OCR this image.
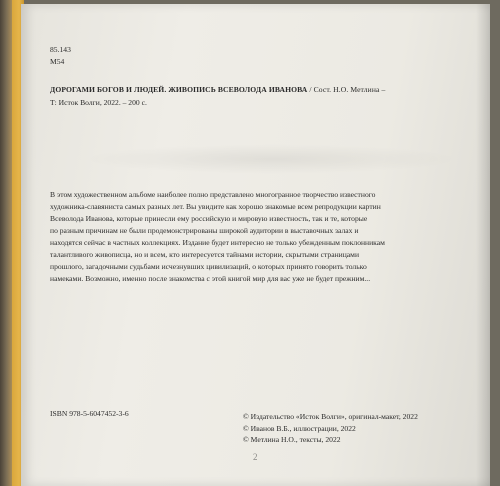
85.143
М54
ДОРОГАМИ БОГОВ И ЛЮДЕЙ. ЖИВОПИСЬ ВСЕВОЛОДА ИВАНОВА / Сост. Н.О. Метлина –
Т: Исток Волги, 2022. – 200 с.
В этом художественном альбоме наиболее полно представлено многогранное творчество известного
художника-славяниста самых разных лет. Вы увидите как хорошо знакомые всем репродукции картин
Всеволода Иванова, которые принесли ему российскую и мировую известность, так и те, которые
по разным причинам не были продемонстрированы широкой аудитории в выставочных залах и
находятся сейчас в частных коллекциях. Издание будет интересно не только убежденным поклонникам
талантливого живописца, но и всем, кто интересуется тайнами истории, скрытыми страницами
прошлого, загадочными судьбами исчезнувших цивилизаций, о которых принято говорить только
намеками. Возможно, именно после знакомства с этой книгой мир для вас уже не будет прежним...
ISBN 978-5-6047452-3-6	© Издательство «Исток Волги», оригинал-макет, 2022
© Иванов В.Б., иллюстрации, 2022
© Метлина Н.О., тексты, 2022
2
